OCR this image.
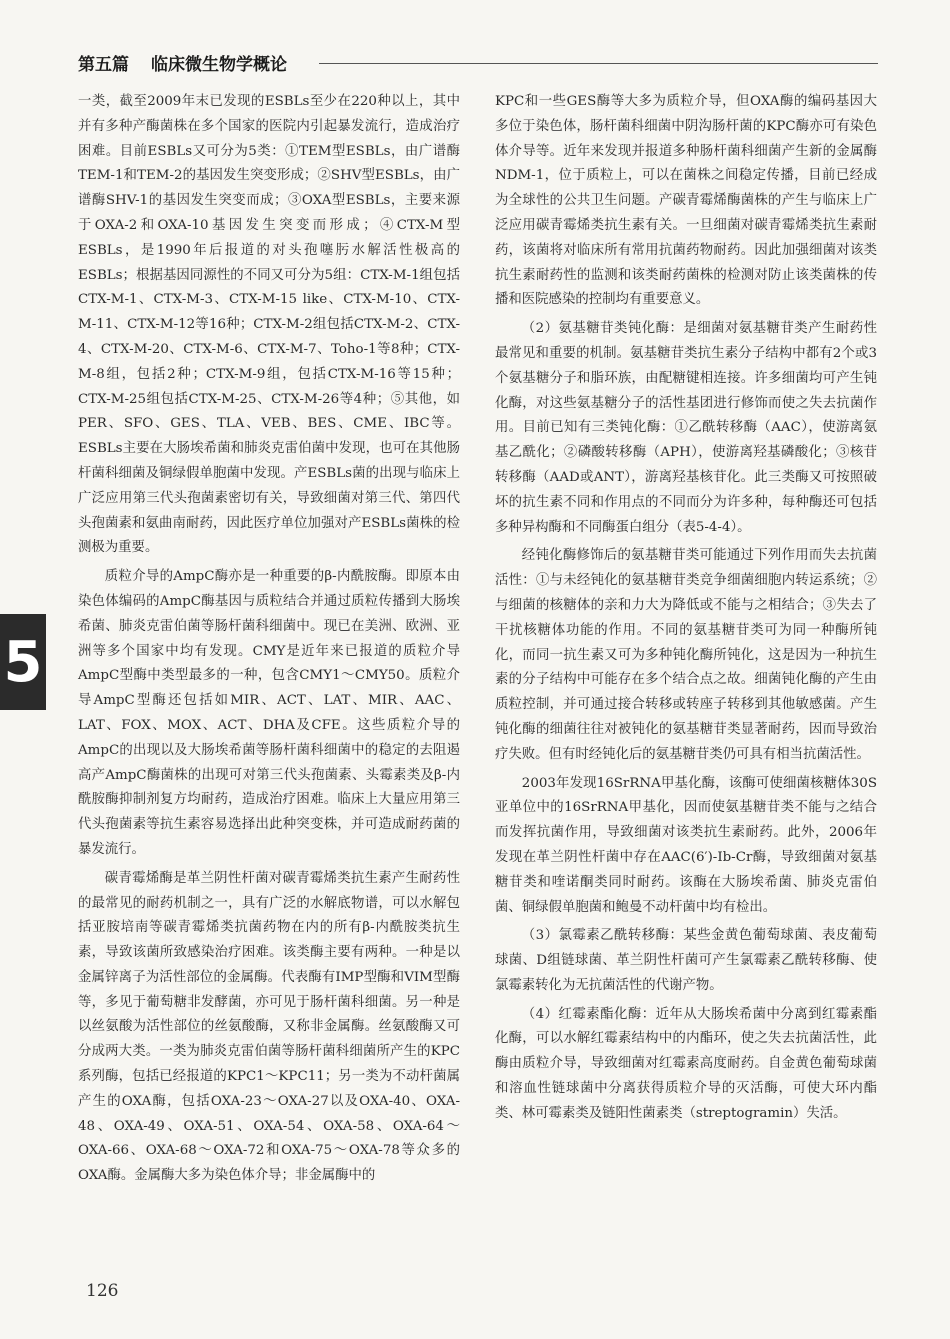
第五篇 临床微生物学概论
5

一类，截至2009年末已发现的ESBLs至少在220种以上，其中并有多种产酶菌株在多个国家的医院内引起暴发流行，造成治疗困难。目前ESBLs又可分为5类：①TEM型ESBLs，由广谱酶TEM-1和TEM-2的基因发生突变形成；②SHV型ESBLs，由广谱酶SHV-1的基因发生突变而成；③OXA型ESBLs，主要来源于OXA-2和OXA-10基因发生突变而形成；④CTX-M型ESBLs，是1990年后报道的对头孢噻肟水解活性极高的ESBLs；根据基因同源性的不同又可分为5组：CTX-M-1组包括CTX-M-1、CTX-M-3、CTX-M-15 like、CTX-M-10、CTX-M-11、CTX-M-12等16种；CTX-M-2组包括CTX-M-2、CTX-4、CTX-M-20、CTX-M-6、CTX-M-7、Toho-1等8种；CTX-M-8组，包括2种；CTX-M-9组，包括CTX-M-16等15种；CTX-M-25组包括CTX-M-25、CTX-M-26等4种；⑤其他，如PER、SFO、GES、TLA、VEB、BES、CME、IBC等。ESBLs主要在大肠埃希菌和肺炎克雷伯菌中发现，也可在其他肠杆菌科细菌及铜绿假单胞菌中发现。产ESBLs菌的出现与临床上广泛应用第三代头孢菌素密切有关，导致细菌对第三代、第四代头孢菌素和氨曲南耐药，因此医疗单位加强对产ESBLs菌株的检测极为重要。

质粒介导的AmpC酶亦是一种重要的β-内酰胺酶。即原本由染色体编码的AmpC酶基因与质粒结合并通过质粒传播到大肠埃希菌、肺炎克雷伯菌等肠杆菌科细菌中。现已在美洲、欧洲、亚洲等多个国家中均有发现。CMY是近年来已报道的质粒介导AmpC型酶中类型最多的一种，包含CMY1～CMY50。质粒介导AmpC型酶还包括如MIR、ACT、LAT、MIR、AAC、LAT、FOX、MOX、ACT、DHA及CFE。这些质粒介导的AmpC的出现以及大肠埃希菌等肠杆菌科细菌中的稳定的去阻遏高产AmpC酶菌株的出现可对第三代头孢菌素、头霉素类及β-内酰胺酶抑制剂复方均耐药，造成治疗困难。临床上大量应用第三代头孢菌素等抗生素容易选择出此种突变株，并可造成耐药菌的暴发流行。

碳青霉烯酶是革兰阴性杆菌对碳青霉烯类抗生素产生耐药性的最常见的耐药机制之一，具有广泛的水解底物谱，可以水解包括亚胺培南等碳青霉烯类抗菌药物在内的所有β-内酰胺类抗生素，导致该菌所致感染治疗困难。该类酶主要有两种。一种是以金属锌离子为活性部位的金属酶。代表酶有IMP型酶和VIM型酶等，多见于葡萄糖非发酵菌，亦可见于肠杆菌科细菌。另一种是以丝氨酸为活性部位的丝氨酸酶，又称非金属酶。丝氨酸酶又可分成两大类。一类为肺炎克雷伯菌等肠杆菌科细菌所产生的KPC系列酶，包括已经报道的KPC1～KPC11；另一类为不动杆菌属产生的OXA酶，包括OXA-23～OXA-27以及OXA-40、OXA-48、OXA-49、OXA-51、OXA-54、OXA-58、OXA-64～OXA-66、OXA-68～OXA-72和OXA-75～OXA-78等众多的OXA酶。金属酶大多为染色体介导；非金属酶中的

KPC和一些GES酶等大多为质粒介导，但OXA酶的编码基因大多位于染色体，肠杆菌科细菌中阴沟肠杆菌的KPC酶亦可有染色体介导等。近年来发现并报道多种肠杆菌科细菌产生新的金属酶NDM-1，位于质粒上，可以在菌株之间稳定传播，目前已经成为全球性的公共卫生问题。产碳青霉烯酶菌株的产生与临床上广泛应用碳青霉烯类抗生素有关。一旦细菌对碳青霉烯类抗生素耐药，该菌将对临床所有常用抗菌药物耐药。因此加强细菌对该类抗生素耐药性的监测和该类耐药菌株的检测对防止该类菌株的传播和医院感染的控制均有重要意义。

（2）氨基糖苷类钝化酶：是细菌对氨基糖苷类产生耐药性最常见和重要的机制。氨基糖苷类抗生素分子结构中都有2个或3个氨基糖分子和脂环族，由配糖键相连接。许多细菌均可产生钝化酶，对这些氨基糖分子的活性基团进行修饰而使之失去抗菌作用。目前已知有三类钝化酶：①乙酰转移酶（AAC），使游离氨基乙酰化；②磷酸转移酶（APH），使游离羟基磷酸化；③核苷转移酶（AAD或ANT），游离羟基核苷化。此三类酶又可按照破坏的抗生素不同和作用点的不同而分为许多种，每种酶还可包括多种异构酶和不同酶蛋白组分（表5-4-4）。

经钝化酶修饰后的氨基糖苷类可能通过下列作用而失去抗菌活性：①与未经钝化的氨基糖苷类竞争细菌细胞内转运系统；②与细菌的核糖体的亲和力大为降低或不能与之相结合；③失去了干扰核糖体功能的作用。不同的氨基糖苷类可为同一种酶所钝化，而同一抗生素又可为多种钝化酶所钝化，这是因为一种抗生素的分子结构中可能存在多个结合点之故。细菌钝化酶的产生由质粒控制，并可通过接合转移或转座子转移到其他敏感菌。产生钝化酶的细菌往往对被钝化的氨基糖苷类显著耐药，因而导致治疗失败。但有时经钝化后的氨基糖苷类仍可具有相当抗菌活性。

2003年发现16SrRNA甲基化酶，该酶可使细菌核糖体30S亚单位中的16SrRNA甲基化，因而使氨基糖苷类不能与之结合而发挥抗菌作用，导致细菌对该类抗生素耐药。此外，2006年发现在革兰阴性杆菌中存在AAC(6′)-Ib-Cr酶，导致细菌对氨基糖苷类和喹诺酮类同时耐药。该酶在大肠埃希菌、肺炎克雷伯菌、铜绿假单胞菌和鲍曼不动杆菌中均有检出。

（3）氯霉素乙酰转移酶：某些金黄色葡萄球菌、表皮葡萄球菌、D组链球菌、革兰阴性杆菌可产生氯霉素乙酰转移酶、使氯霉素转化为无抗菌活性的代谢产物。

（4）红霉素酯化酶：近年从大肠埃希菌中分离到红霉素酯化酶，可以水解红霉素结构中的内酯环，使之失去抗菌活性，此酶由质粒介导，导致细菌对红霉素高度耐药。自金黄色葡萄球菌和溶血性链球菌中分离获得质粒介导的灭活酶，可使大环内酯类、林可霉素类及链阳性菌素类（streptogramin）失活。

126
